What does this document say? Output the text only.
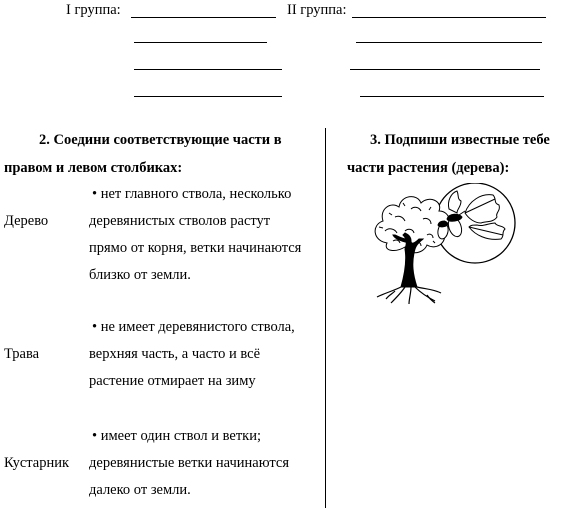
I группа:	II группа:
2. Соедини соответствующие части в
правом и левом столбиках:
Дерево
• нет главного ствола, несколько
деревянистых стволов растут
прямо от корня, ветки начинаются
близко от земли.
Трава
• не имеет деревянистого ствола,
верхняя часть, а часто и всё
растение отмирает на зиму
Кустарник
• имеет один ствол и ветки;
деревянистые ветки начинаются
далеко от земли.
3. Подпиши известные тебе
части растения (дерева):
